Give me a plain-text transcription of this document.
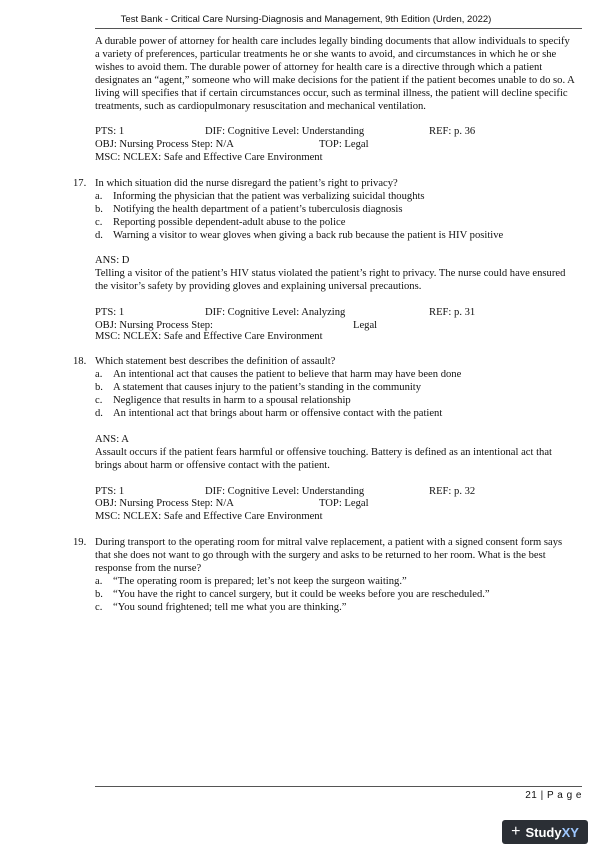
Test Bank - Critical Care Nursing-Diagnosis and Management, 9th Edition (Urden, 2022)

A durable power of attorney for health care includes legally binding documents that allow individuals to specify a variety of preferences, particular treatments he or she wants to avoid, and circumstances in which he or she wishes to avoid them. The durable power of attorney for health care is a directive through which a patient designates an “agent,” someone who will make decisions for the patient if the patient becomes unable to do so. A living will specifies that if certain circumstances occur, such as terminal illness, the patient will decline specific treatments, such as cardiopulmonary resuscitation and mechanical ventilation.

PTS: 1	DIF: Cognitive Level: Understanding	REF: p. 36
OBJ: Nursing Process Step: N/A	TOP: Legal
MSC: NCLEX: Safe and Effective Care Environment
17. In which situation did the nurse disregard the patient’s right to privacy?
a. Informing the physician that the patient was verbalizing suicidal thoughts
b. Notifying the health department of a patient’s tuberculosis diagnosis
c. Reporting possible dependent-adult abuse to the police
d. Warning a visitor to wear gloves when giving a back rub because the patient is HIV positive
ANS: D

Telling a visitor of the patient’s HIV status violated the patient’s right to privacy. The nurse could have ensured the visitor’s safety by providing gloves and explaining universal precautions.

PTS: 1	DIF: Cognitive Level: Analyzing	REF: p. 31
OBJ: Nursing Process Step:	Legal
MSC: NCLEX: Safe and Effective Care Environment
18. Which statement best describes the definition of assault?
a. An intentional act that causes the patient to believe that harm may have been done
b. A statement that causes injury to the patient’s standing in the community
c. Negligence that results in harm to a spousal relationship
d. An intentional act that brings about harm or offensive contact with the patient
ANS: A

Assault occurs if the patient fears harmful or offensive touching. Battery is defined as an intentional act that brings about harm or offensive contact with the patient.

PTS: 1	DIF: Cognitive Level: Understanding	REF: p. 32
OBJ: Nursing Process Step: N/A	TOP: Legal
MSC: NCLEX: Safe and Effective Care Environment
19. During transport to the operating room for mitral valve replacement, a patient with a signed consent form says that she does not want to go through with the surgery and asks to be returned to her room. What is the best response from the nurse?
a. “The operating room is prepared; let’s not keep the surgeon waiting.”
b. “You have the right to cancel surgery, but it could be weeks before you are rescheduled.”
c. “You sound frightened; tell me what you are thinking.”
21 | P a g e
+ Study XY
